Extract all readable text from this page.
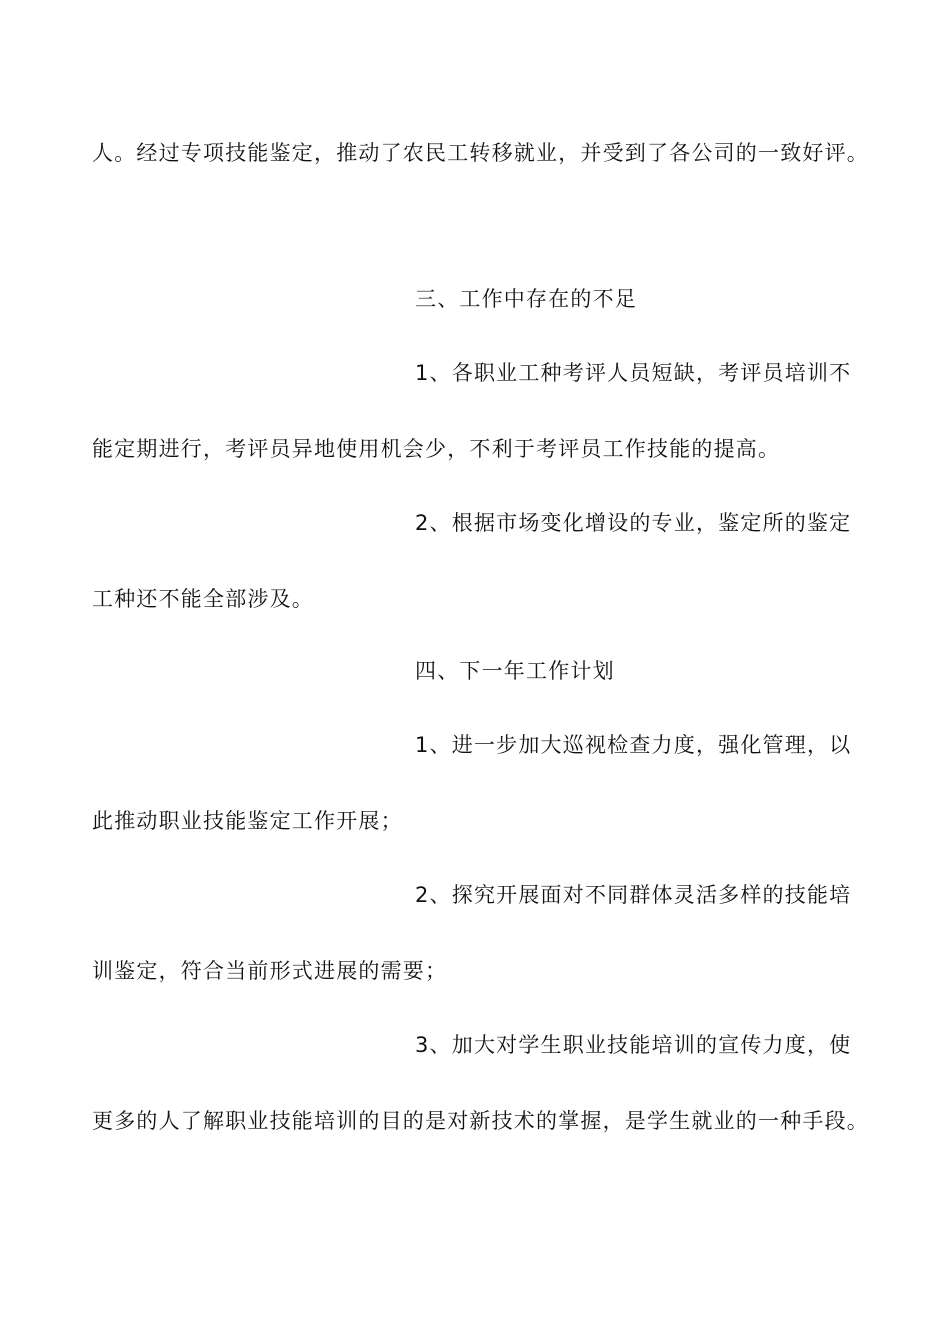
人。经过专项技能鉴定，推动了农民工转移就业，并受到了各公司的一致好评。
三、工作中存在的不足
1、各职业工种考评人员短缺，考评员培训不
能定期进行，考评员异地使用机会少，不利于考评员工作技能的提高。
2、根据市场变化增设的专业，鉴定所的鉴定
工种还不能全部涉及。
四、下一年工作计划
1、进一步加大巡视检查力度，强化管理，以
此推动职业技能鉴定工作开展；
2、探究开展面对不同群体灵活多样的技能培
训鉴定，符合当前形式进展的需要；
3、加大对学生职业技能培训的宣传力度，使
更多的人了解职业技能培训的目的是对新技术的掌握，是学生就业的一种手段。
